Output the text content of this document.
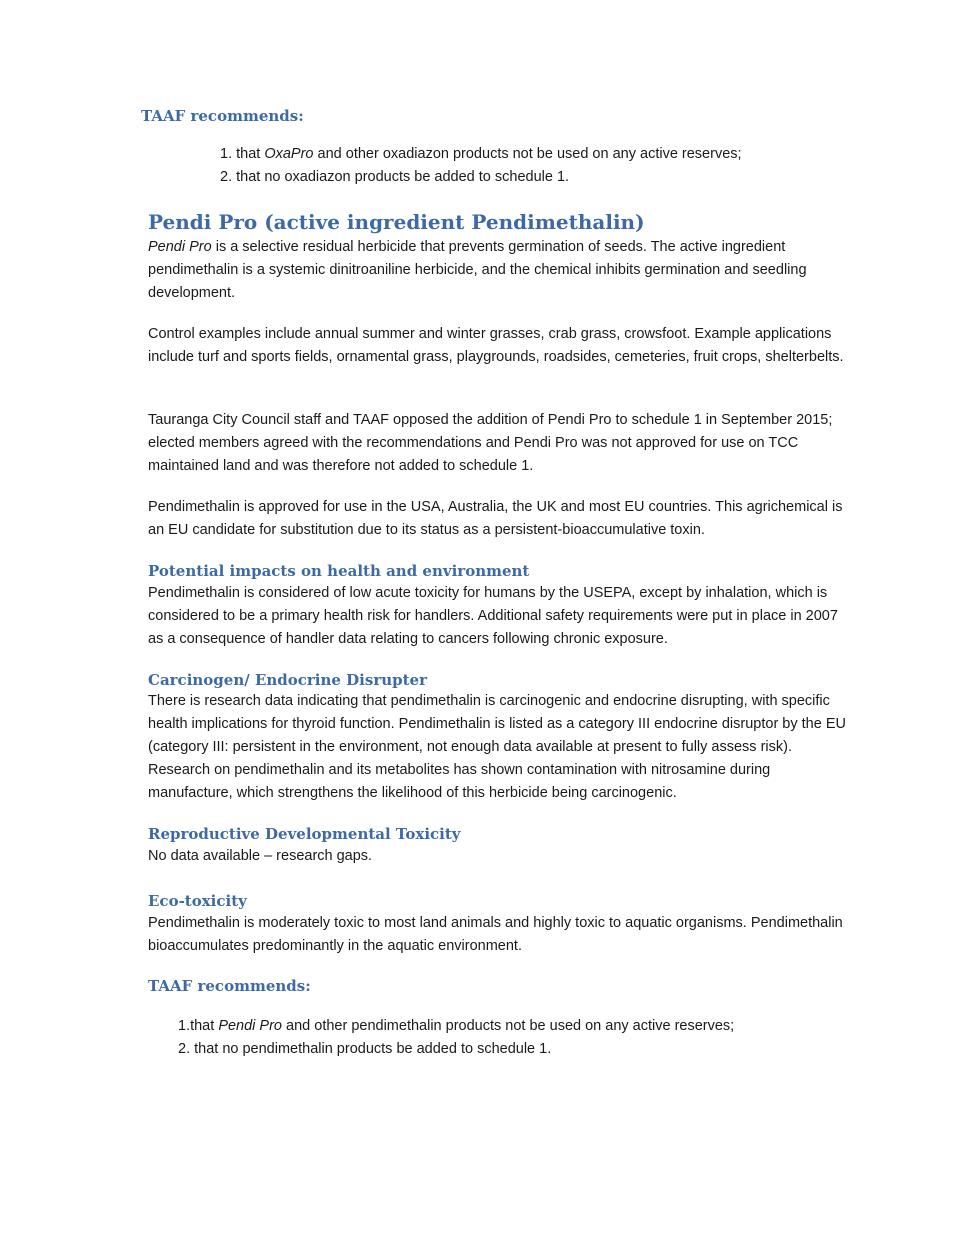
TAAF recommends:
1. that OxaPro and other oxadiazon products not be used on any active reserves;
2. that no oxadiazon products be added to schedule 1.
Pendi Pro (active ingredient Pendimethalin)

Pendi Pro is a selective residual herbicide that prevents germination of seeds. The active ingredient pendimethalin is a systemic dinitroaniline herbicide, and the chemical inhibits germination and seedling development.

Control examples include annual summer and winter grasses, crab grass, crowsfoot. Example applications include turf and sports fields, ornamental grass, playgrounds, roadsides, cemeteries, fruit crops, shelterbelts.

Tauranga City Council staff and TAAF opposed the addition of Pendi Pro to schedule 1 in September 2015; elected members agreed with the recommendations and Pendi Pro was not approved for use on TCC maintained land and was therefore not added to schedule 1.

Pendimethalin is approved for use in the USA, Australia, the UK and most EU countries. This agrichemical is an EU candidate for substitution due to its status as a persistent-bioaccumulative toxin.

Potential impacts on health and environment

Pendimethalin is considered of low acute toxicity for humans by the USEPA, except by inhalation, which is considered to be a primary health risk for handlers. Additional safety requirements were put in place in 2007 as a consequence of handler data relating to cancers following chronic exposure.

Carcinogen/ Endocrine Disrupter

There is research data indicating that pendimethalin is carcinogenic and endocrine disrupting, with specific health implications for thyroid function. Pendimethalin is listed as a category III endocrine disruptor by the EU (category III: persistent in the environment, not enough data available at present to fully assess risk). Research on pendimethalin and its metabolites has shown contamination with nitrosamine during manufacture, which strengthens the likelihood of this herbicide being carcinogenic.

Reproductive Developmental Toxicity

No data available – research gaps.

Eco-toxicity

Pendimethalin is moderately toxic to most land animals and highly toxic to aquatic organisms. Pendimethalin bioaccumulates predominantly in the aquatic environment.

TAAF recommends:
1.that Pendi Pro and other pendimethalin products not be used on any active reserves;
2. that no pendimethalin products be added to schedule 1.
